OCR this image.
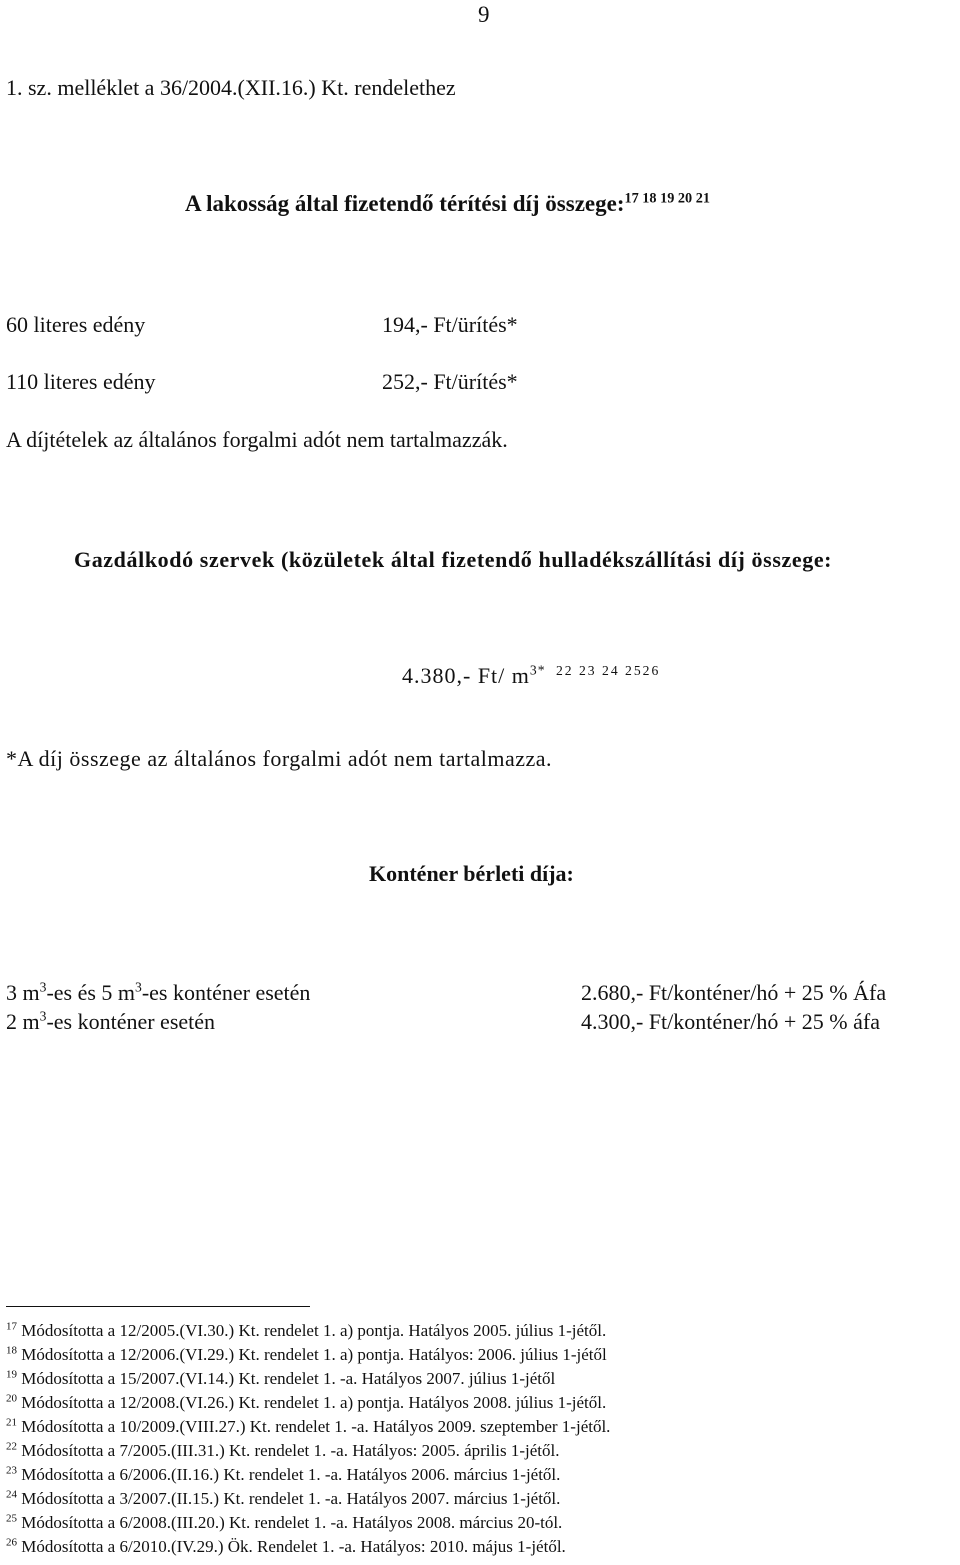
9
1. sz. melléklet a 36/2004.(XII.16.) Kt. rendelethez
A lakosság által fizetendő térítési díj összege:$^{17 18 19 20 21}$
60 literes edény	194,- Ft/ürítés*
110 literes edény	252,- Ft/ürítés*
A díjtételek az általános forgalmi adót nem tartalmazzák.
Gazdálkodó szervek (közületek által fizetendő hulladékszállítási díj összege:
4.380,- Ft/ $m^{3*}$ $^{22 23 24 2526}$
*A díj összege az általános forgalmi adót nem tartalmazza.
Konténer bérleti díja:
3 $m^3-es$ és 5 $m^3-es$ konténer esetén	2.680,- Ft/konténer/hó + 25 % Áfa
2 $m^3-es$ konténer esetén	4.300,- Ft/konténer/hó + 25 % áfa
$^{17}$ Módosította a 12/2005.(VI.30.) Kt. rendelet 1. a) pontja. Hatályos 2005. július 1-jétől.
$^{18}$ Módosította a 12/2006.(VI.29.) Kt. rendelet 1. a) pontja. Hatályos: 2006. július 1-jétől
$^{19}$ Módosította a 15/2007.(VI.14.) Kt. rendelet 1. -a. Hatályos 2007. július 1-jétől
$^{20}$ Módosította a 12/2008.(VI.26.) Kt. rendelet 1. a) pontja. Hatályos 2008. július 1-jétől.
$^{21}$ Módosította a 10/2009.(VIII.27.) Kt. rendelet 1. -a. Hatályos 2009. szeptember 1-jétől.
$^{22}$ Módosította a 7/2005.(III.31.) Kt. rendelet 1. -a. Hatályos: 2005. április 1-jétől.
$^{23}$ Módosította a 6/2006.(II.16.) Kt. rendelet 1. -a. Hatályos 2006. március 1-jétől.
$^{24}$ Módosította a 3/2007.(II.15.) Kt. rendelet 1. -a. Hatályos 2007. március 1-jétől.
$^{25}$ Módosította a 6/2008.(III.20.) Kt. rendelet 1. -a. Hatályos 2008. március 20-tól.
$^{26}$ Módosította a 6/2010.(IV.29.) Ök. Rendelet 1. -a. Hatályos: 2010. május 1-jétől.
